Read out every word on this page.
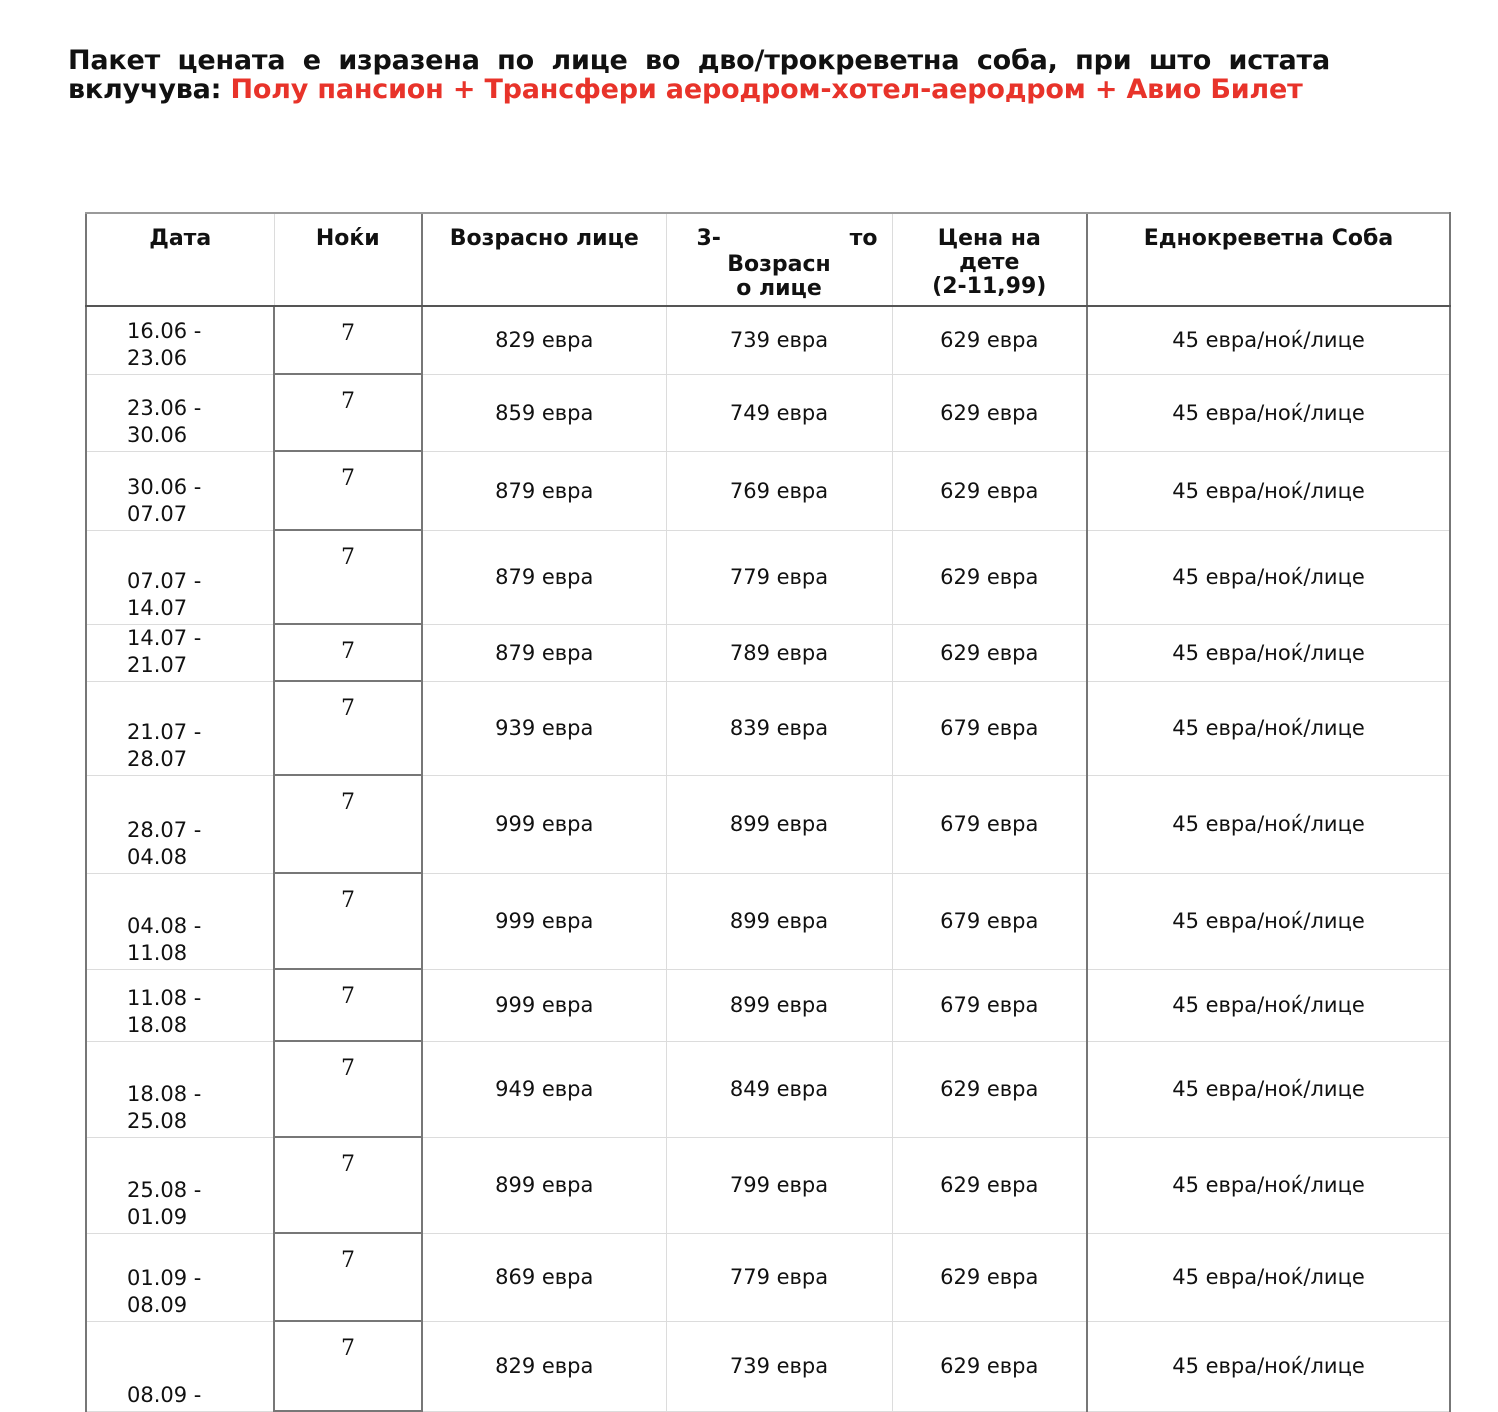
Пакет цената е изразена по лице во дво/трокреветна соба, при што истата вклучува: Полу пансион + Трансфери аеродром-хотел-аеродром + Авио Билет
Дата	Ноќи	Возрасно лице	3- то
Возрасн
о лице	Цена на
дете
(2-11,99)	Еднокреветна Соба

16.06 -
23.06	7	829 евра	739 евра	629 евра	45 евра/ноќ/лице

23.06 -
30.06	7	859 евра	749 евра	629 евра	45 евра/ноќ/лице

30.06 -
07.07	7	879 евра	769 евра	629 евра	45 евра/ноќ/лице

07.07 -
14.07	7	879 евра	779 евра	629 евра	45 евра/ноќ/лице

14.07 - 21.07	7	879 евра	789 евра	629 евра	45 евра/ноќ/лице

21.07 -
28.07	7	939 евра	839 евра	679 евра	45 евра/ноќ/лице

28.07 -
04.08	7	999 евра	899 евра	679 евра	45 евра/ноќ/лице

04.08 -
11.08	7	999 евра	899 евра	679 евра	45 евра/ноќ/лице

11.08 - 18.08	7	999 евра	899 евра	679 евра	45 евра/ноќ/лице

18.08 -
25.08	7	949 евра	849 евра	629 евра	45 евра/ноќ/лице

25.08 -
01.09	7	899 евра	799 евра	629 евра	45 евра/ноќ/лице

01.09 -
08.09	7	869 евра	779 евра	629 евра	45 евра/ноќ/лице

08.09 -	7	829 евра	739 евра	629 евра	45 евра/ноќ/лице
